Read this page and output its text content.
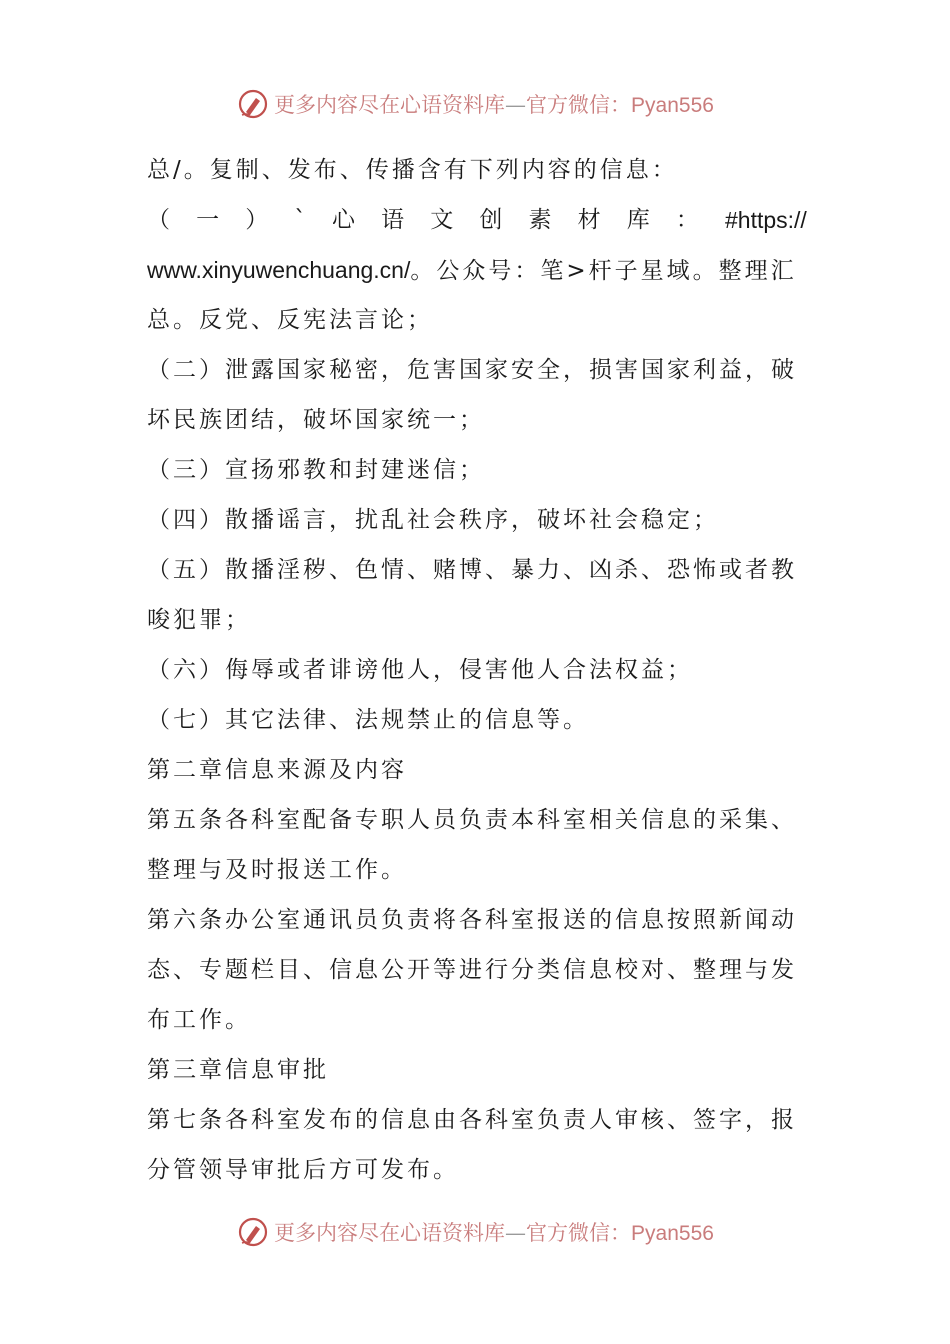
更多内容尽在心语资料库—官方微信：Pyan556
总/。复制、发布、传播含有下列内容的信息：
（ 一 ） ` 心 语 文 创 素 材 库 ： #https://
www.xinyuwenchuang.cn/。公众号：笔>杆子星域。整理汇
总。反党、反宪法言论；
（二）泄露国家秘密，危害国家安全，损害国家利益，破
坏民族团结，破坏国家统一；
（三）宣扬邪教和封建迷信；
（四）散播谣言，扰乱社会秩序，破坏社会稳定；
（五）散播淫秽、色情、赌博、暴力、凶杀、恐怖或者教
唆犯罪；
（六）侮辱或者诽谤他人，侵害他人合法权益；
（七）其它法律、法规禁止的信息等。
第二章信息来源及内容
第五条各科室配备专职人员负责本科室相关信息的采集、
整理与及时报送工作。
第六条办公室通讯员负责将各科室报送的信息按照新闻动
态、专题栏目、信息公开等进行分类信息校对、整理与发
布工作。
第三章信息审批
第七条各科室发布的信息由各科室负责人审核、签字，报
分管领导审批后方可发布。
更多内容尽在心语资料库—官方微信：Pyan556
